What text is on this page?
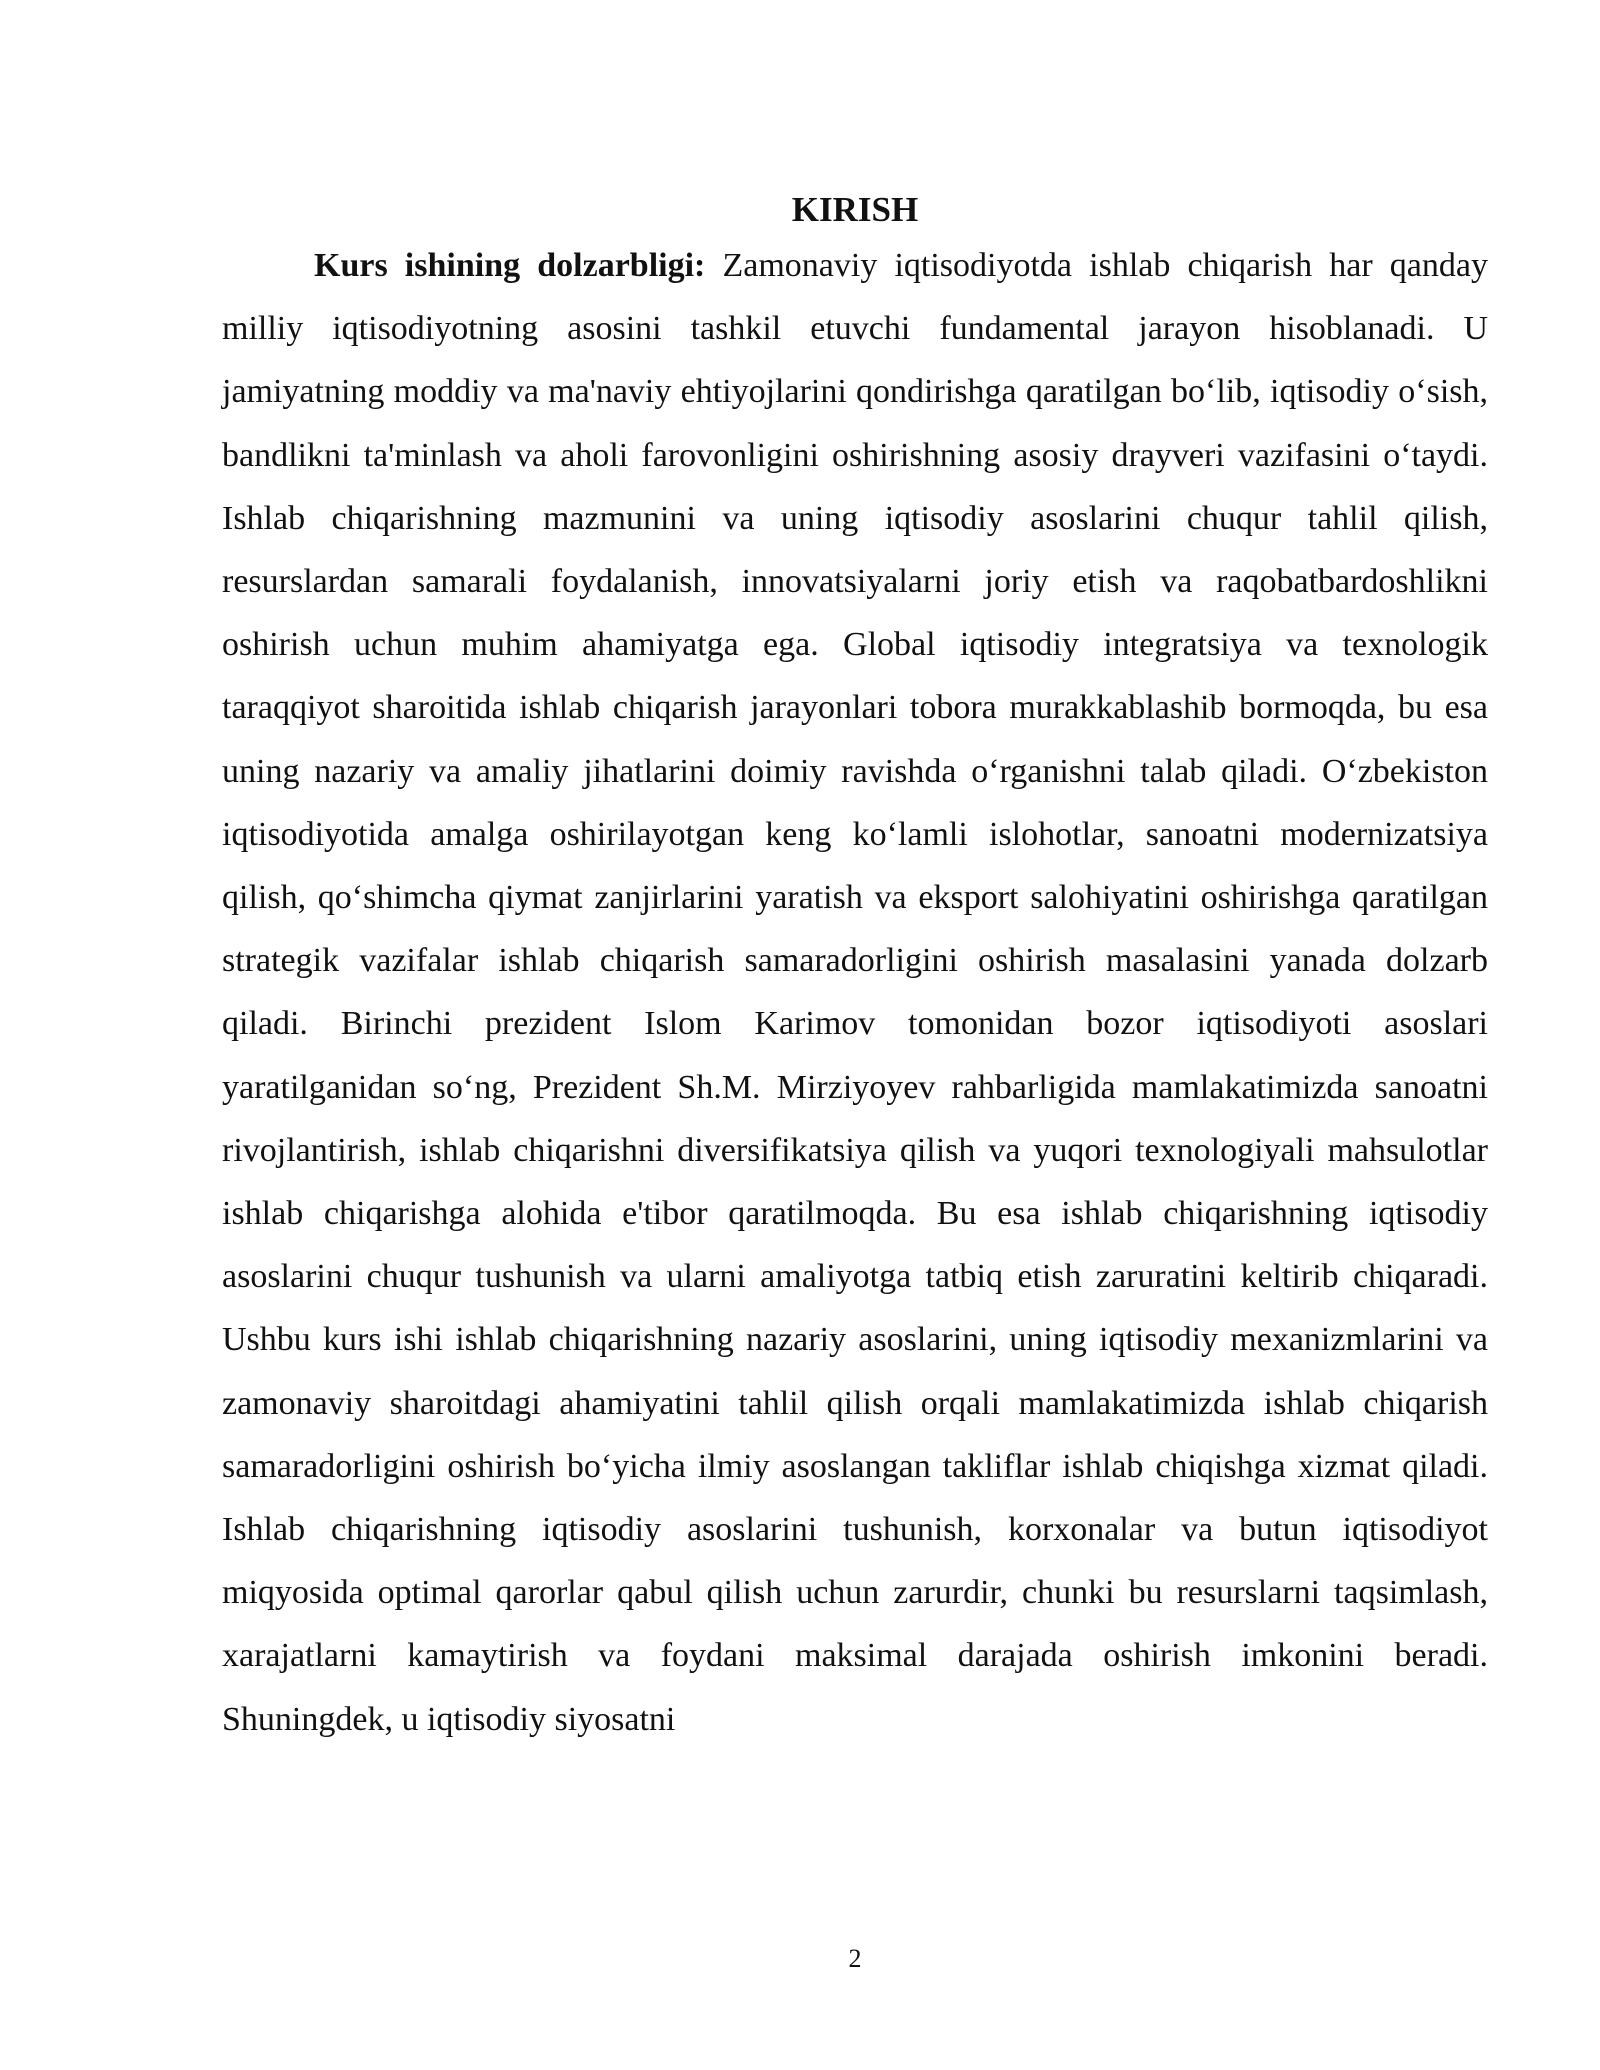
KIRISH

Kurs ishining dolzarbligi: Zamonaviy iqtisodiyotda ishlab chiqarish har qanday milliy iqtisodiyotning asosini tashkil etuvchi fundamental jarayon hisoblanadi. U jamiyatning moddiy va ma'naviy ehtiyojlarini qondirishga qaratilgan boʻlib, iqtisodiy oʻsish, bandlikni ta'minlash va aholi farovonligini oshirishning asosiy drayveri vazifasini oʻtaydi. Ishlab chiqarishning mazmunini va uning iqtisodiy asoslarini chuqur tahlil qilish, resurslardan samarali foydalanish, innovatsiyalarni joriy etish va raqobatbardoshlikni oshirish uchun muhim ahamiyatga ega. Global iqtisodiy integratsiya va texnologik taraqqiyot sharoitida ishlab chiqarish jarayonlari tobora murakkablashib bormoqda, bu esa uning nazariy va amaliy jihatlarini doimiy ravishda oʻrganishni talab qiladi. Oʻzbekiston iqtisodiyotida amalga oshirilayotgan keng koʻlamli islohotlar, sanoatni modernizatsiya qilish, qoʻshimcha qiymat zanjirlarini yaratish va eksport salohiyatini oshirishga qaratilgan strategik vazifalar ishlab chiqarish samaradorligini oshirish masalasini yanada dolzarb qiladi. Birinchi prezident Islom Karimov tomonidan bozor iqtisodiyoti asoslari yaratilganidan soʻng, Prezident Sh.M. Mirziyoyev rahbarligida mamlakatimizda sanoatni rivojlantirish, ishlab chiqarishni diversifikatsiya qilish va yuqori texnologiyali mahsulotlar ishlab chiqarishga alohida e'tibor qaratilmoqda. Bu esa ishlab chiqarishning iqtisodiy asoslarini chuqur tushunish va ularni amaliyotga tatbiq etish zaruratini keltirib chiqaradi. Ushbu kurs ishi ishlab chiqarishning nazariy asoslarini, uning iqtisodiy mexanizmlarini va zamonaviy sharoitdagi ahamiyatini tahlil qilish orqali mamlakatimizda ishlab chiqarish samaradorligini oshirish boʻyicha ilmiy asoslangan takliflar ishlab chiqishga xizmat qiladi. Ishlab chiqarishning iqtisodiy asoslarini tushunish, korxonalar va butun iqtisodiyot miqyosida optimal qarorlar qabul qilish uchun zarurdir, chunki bu resurslarni taqsimlash, xarajatlarni kamaytirish va foydani maksimal darajada oshirish imkonini beradi. Shuningdek, u iqtisodiy siyosatni

2
